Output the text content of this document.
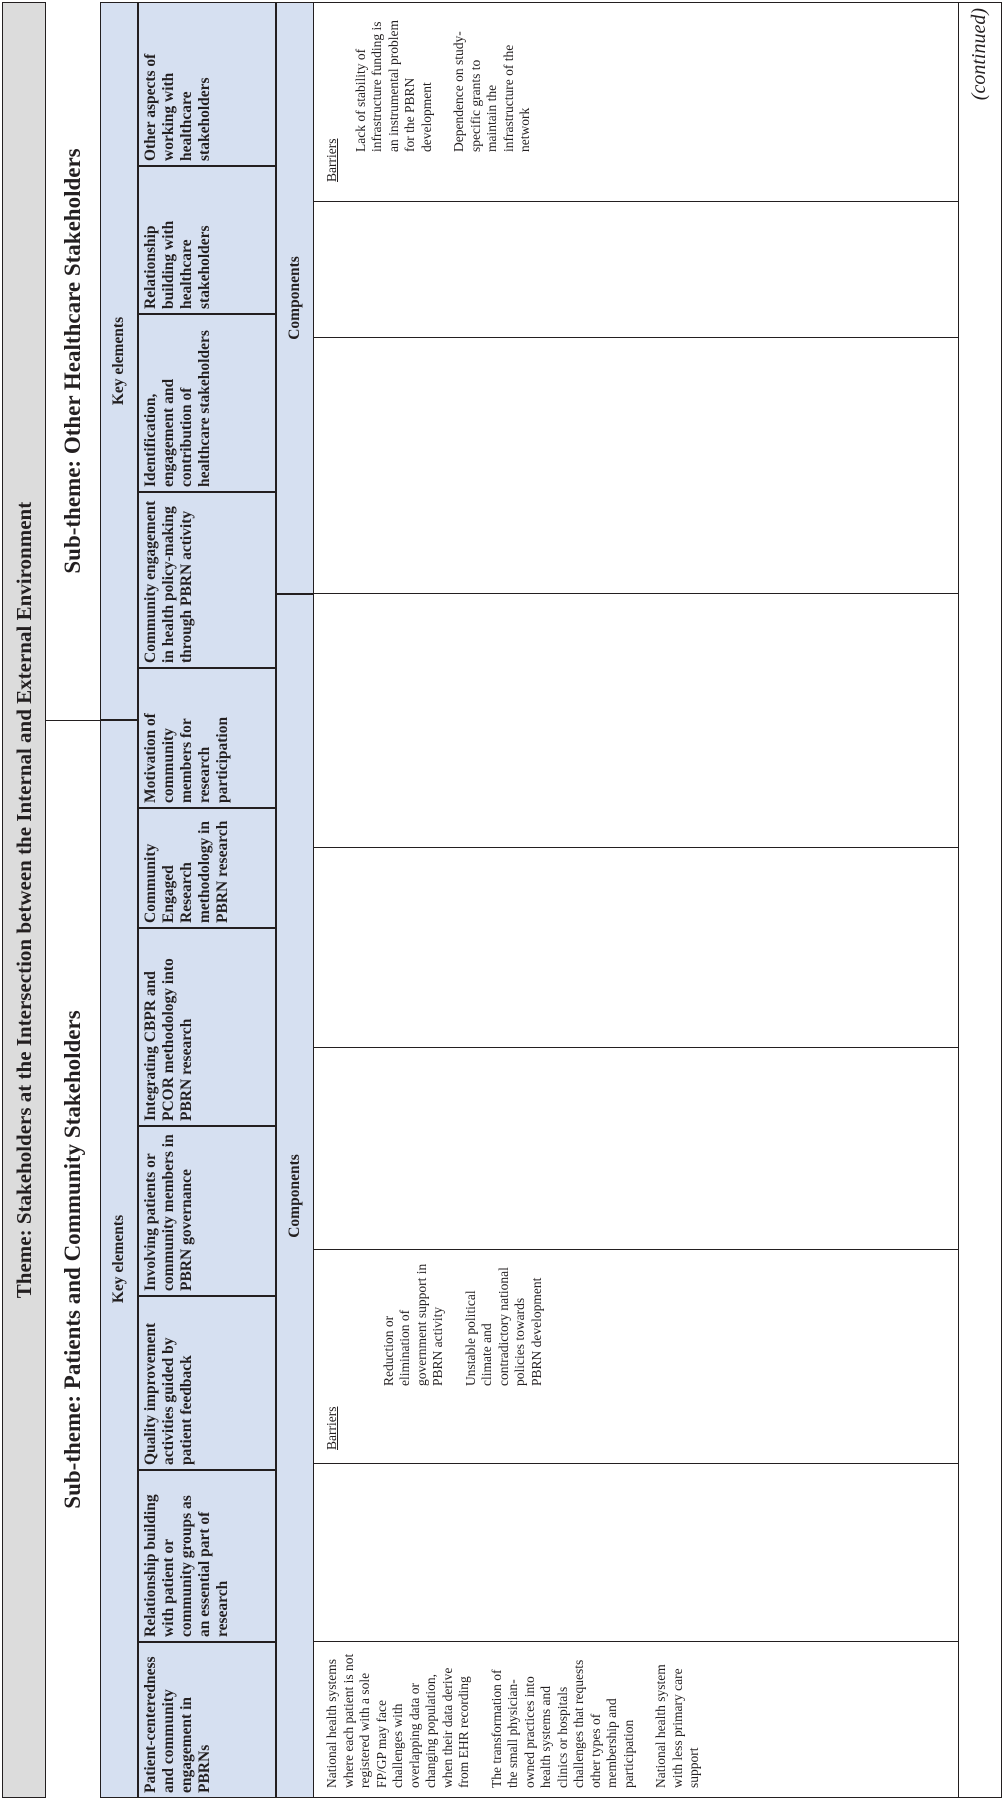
Theme: Stakeholders at the Intersection between the Internal and External Environment	Sub-theme: Patients and Community Stakeholders
Sub-theme: Other Healthcare Stakeholders
Key elements
Key elements
Patient-centeredness and community engagement in PBRNs
Relationship building with patient or community groups as an essential part of research
Quality improvement activities guided by patient feedback
Involving patients or community members in PBRN governance
Integrating CBPR and PCOR methodology into PBRN research
Community Engaged Research methodology in PBRN research
Motivation of community members for research participation
Community engagement in health policy-making through PBRN activity
Identification, engagement and contribution of healthcare stakeholders
Relationship building with healthcare stakeholders
Other aspects of working with healthcare stakeholders
Components
Components

National health systems where each patient is not registered with a sole FP/GP may face challenges with overlapping data or changing population, when their data derive from EHR recording The transformation of the small physician-owned practices into health systems and clinics or hospitals challenges that requests other types of membership and participation National health system with less primary care support

Barriers

Reduction or elimination of government support in PBRN activity Unstable political climate and contradictory national policies towards PBRN development

Barriers

Lack of stability of infrastructure funding is an instrumental problem for the PBRN development Dependence on study-specific grants to maintain the infrastructure of the network

(continued)
